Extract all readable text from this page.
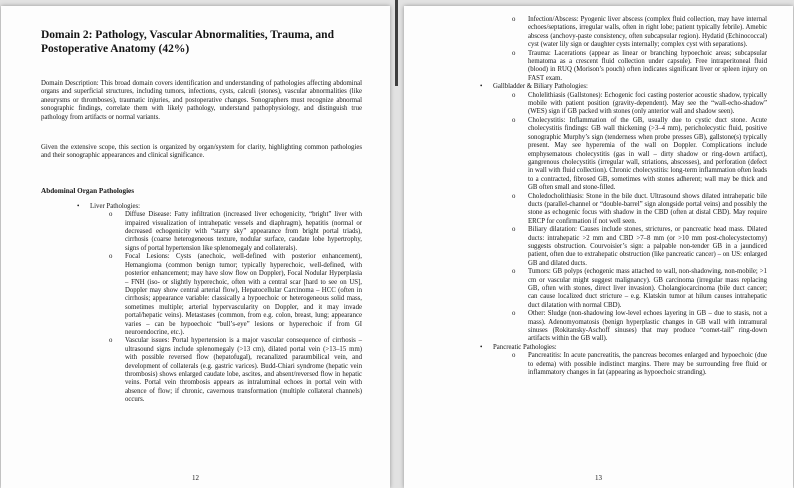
Domain 2: Pathology, Vascular Abnormalities, Trauma, and Postoperative Anatomy (42%)

Domain Description: This broad domain covers identification and understanding of pathologies affecting abdominal organs and superficial structures, including tumors, infections, cysts, calculi (stones), vascular abnormalities (like aneurysms or thromboses), traumatic injuries, and postoperative changes. Sonographers must recognize abnormal sonographic findings, correlate them with likely pathology, understand pathophysiology, and distinguish true pathology from artifacts or normal variants.

Given the extensive scope, this section is organized by organ/system for clarity, highlighting common pathologies and their sonographic appearances and clinical significance.

Abdominal Organ Pathologies
•	Liver Pathologies:
o	Diffuse Disease: Fatty infiltration (increased liver echogenicity, “bright” liver with impaired visualization of intrahepatic vessels and diaphragm), hepatitis (normal or decreased echogenicity with “starry sky” appearance from bright portal triads), cirrhosis (coarse heterogeneous texture, nodular surface, caudate lobe hypertrophy, signs of portal hypertension like splenomegaly and collaterals).
o	Focal Lesions: Cysts (anechoic, well-defined with posterior enhancement), Hemangioma (common benign tumor; typically hyperechoic, well-defined, with posterior enhancement; may have slow flow on Doppler), Focal Nodular Hyperplasia – FNH (iso- or slightly hyperechoic, often with a central scar [hard to see on US], Doppler may show central arterial flow), Hepatocellular Carcinoma – HCC (often in cirrhosis; appearance variable: classically a hypoechoic or heterogeneous solid mass, sometimes multiple; arterial hypervascularity on Doppler, and it may invade portal/hepatic veins). Metastases (common, from e.g. colon, breast, lung; appearance varies – can be hypoechoic “bull’s-eye” lesions or hyperechoic if from GI neuroendocrine, etc.).
o	Vascular issues: Portal hypertension is a major vascular consequence of cirrhosis – ultrasound signs include splenomegaly (>13 cm), dilated portal vein (>13–15 mm) with possible reversed flow (hepatofugal), recanalized paraumbilical vein, and development of collaterals (e.g. gastric varices). Budd-Chiari syndrome (hepatic vein thrombosis) shows enlarged caudate lobe, ascites, and absent/reversed flow in hepatic veins. Portal vein thrombosis appears as intraluminal echoes in portal vein with absence of flow; if chronic, cavernous transformation (multiple collateral channels) occurs.
12
o	Infection/Abscess: Pyogenic liver abscess (complex fluid collection, may have internal echoes/septations, irregular walls, often in right lobe; patient typically febrile). Amebic abscess (anchovy-paste consistency, often subcapsular region). Hydatid (Echinococcal) cyst (water lily sign or daughter cysts internally; complex cyst with separations).
o	Trauma: Lacerations (appear as linear or branching hypoechoic areas; subcapsular hematoma as a crescent fluid collection under capsule). Free intraperitoneal fluid (blood) in RUQ (Morison’s pouch) often indicates significant liver or spleen injury on FAST exam.
•	Gallbladder & Biliary Pathologies:
o	Cholelithiasis (Gallstones): Echogenic foci casting posterior acoustic shadow, typically mobile with patient position (gravity-dependent). May see the “wall-echo-shadow” (WES) sign if GB packed with stones (only anterior wall and shadow seen).
o	Cholecystitis: Inflammation of the GB, usually due to cystic duct stone. Acute cholecystitis findings: GB wall thickening (>3–4 mm), pericholecystic fluid, positive sonographic Murphy’s sign (tenderness when probe presses GB), gallstone(s) typically present. May see hyperemia of the wall on Doppler. Complications include emphysematous cholecystitis (gas in wall – dirty shadow or ring-down artifact), gangrenous cholecystitis (irregular wall, striations, abscesses), and perforation (defect in wall with fluid collection). Chronic cholecystitis: long-term inflammation often leads to a contracted, fibrosed GB, sometimes with stones adherent; wall may be thick and GB often small and stone-filled.
o	Choledocholithiasis: Stone in the bile duct. Ultrasound shows dilated intrahepatic bile ducts (parallel-channel or “double-barrel” sign alongside portal veins) and possibly the stone as echogenic focus with shadow in the CBD (often at distal CBD). May require ERCP for confirmation if not well seen.
o	Biliary dilatation: Causes include stones, strictures, or pancreatic head mass. Dilated ducts: intrahepatic >2 mm and CBD >7–8 mm (or >10 mm post-cholecystectomy) suggests obstruction. Courvoisier’s sign: a palpable non-tender GB in a jaundiced patient, often due to extrahepatic obstruction (like pancreatic cancer) – on US: enlarged GB and dilated ducts.
o	Tumors: GB polyps (echogenic mass attached to wall, non-shadowing, non-mobile; >1 cm or vascular might suggest malignancy). GB carcinoma (irregular mass replacing GB, often with stones, direct liver invasion). Cholangiocarcinoma (bile duct cancer; can cause localized duct stricture – e.g. Klatskin tumor at hilum causes intrahepatic duct dilatation with normal CBD).
o	Other: Sludge (non-shadowing low-level echoes layering in GB – due to stasis, not a mass). Adenomyomatosis (benign hyperplastic changes in GB wall with intramural sinuses (Rokitansky-Aschoff sinuses) that may produce “comet-tail” ring-down artifacts within the GB wall).
•	Pancreatic Pathologies:
o	Pancreatitis: In acute pancreatitis, the pancreas becomes enlarged and hypoechoic (due to edema) with possible indistinct margins. There may be surrounding free fluid or inflammatory changes in fat (appearing as hypoechoic stranding).
13
